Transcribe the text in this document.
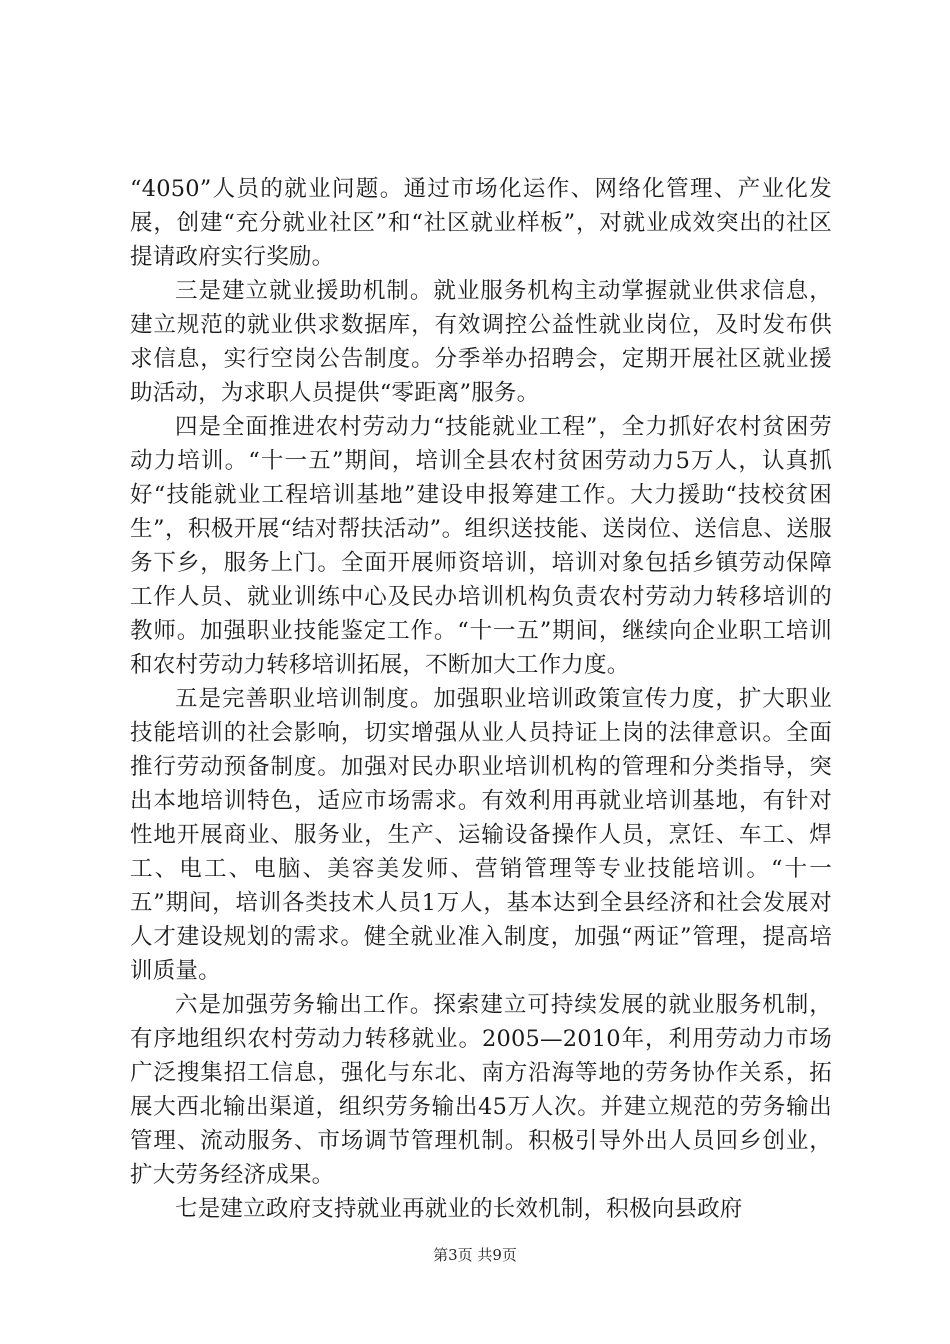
“4050”人员的就业问题。通过市场化运作、网络化管理、产业化发展，创建“充分就业社区”和“社区就业样板”，对就业成效突出的社区提请政府实行奖励。

三是建立就业援助机制。就业服务机构主动掌握就业供求信息，建立规范的就业供求数据库，有效调控公益性就业岗位，及时发布供求信息，实行空岗公告制度。分季举办招聘会，定期开展社区就业援助活动，为求职人员提供“零距离”服务。

四是全面推进农村劳动力“技能就业工程”，全力抓好农村贫困劳动力培训。“十一五”期间，培训全县农村贫困劳动力5万人，认真抓好“技能就业工程培训基地”建设申报筹建工作。大力援助“技校贫困生”，积极开展“结对帮扶活动”。组织送技能、送岗位、送信息、送服务下乡，服务上门。全面开展师资培训，培训对象包括乡镇劳动保障工作人员、就业训练中心及民办培训机构负责农村劳动力转移培训的教师。加强职业技能鉴定工作。“十一五”期间，继续向企业职工培训和农村劳动力转移培训拓展，不断加大工作力度。

五是完善职业培训制度。加强职业培训政策宣传力度，扩大职业技能培训的社会影响，切实增强从业人员持证上岗的法律意识。全面推行劳动预备制度。加强对民办职业培训机构的管理和分类指导，突出本地培训特色，适应市场需求。有效利用再就业培训基地，有针对性地开展商业、服务业，生产、运输设备操作人员，烹饪、车工、焊工、电工、电脑、美容美发师、营销管理等专业技能培训。“十一五”期间，培训各类技术人员1万人，基本达到全县经济和社会发展对人才建设规划的需求。健全就业准入制度，加强“两证”管理，提高培训质量。

六是加强劳务输出工作。探索建立可持续发展的就业服务机制，有序地组织农村劳动力转移就业。2005—2010年，利用劳动力市场广泛搜集招工信息，强化与东北、南方沿海等地的劳务协作关系，拓展大西北输出渠道，组织劳务输出45万人次。并建立规范的劳务输出管理、流动服务、市场调节管理机制。积极引导外出人员回乡创业，扩大劳务经济成果。

七是建立政府支持就业再就业的长效机制，积极向县政府

第3页 共9页
